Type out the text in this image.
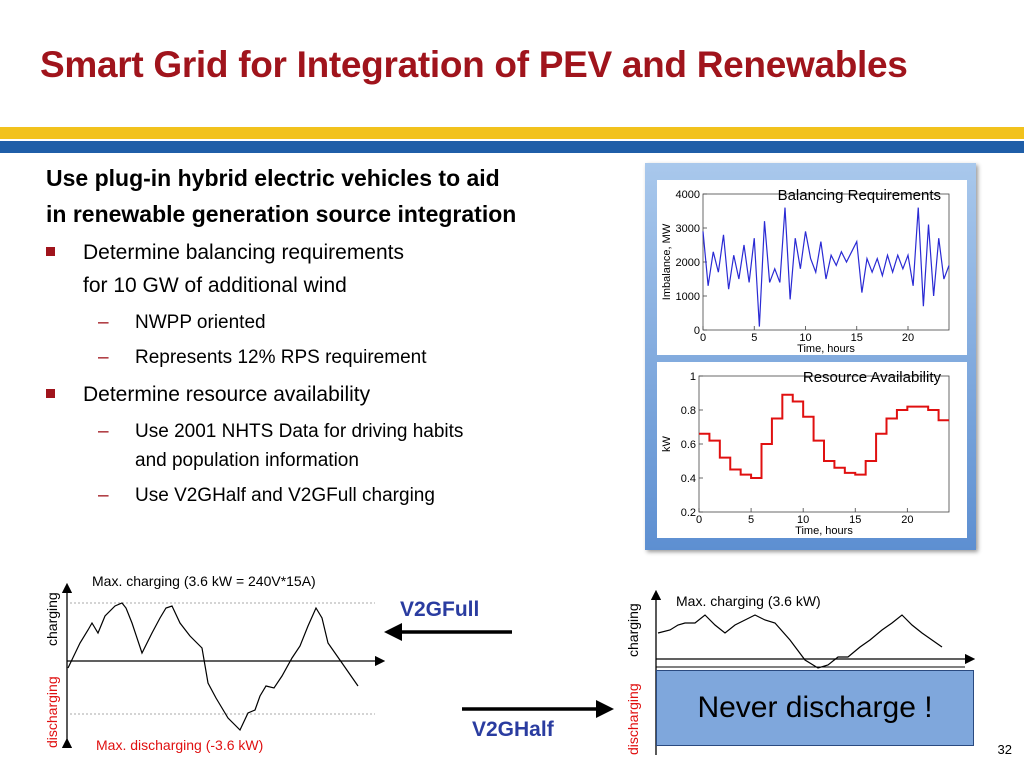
Smart Grid for Integration of PEV and Renewables
Use plug-in hybrid electric vehicles to aid
in renewable generation source integration
Determine balancing requirements
for 10 GW of additional wind
– NWPP oriented
– Represents 12% RPS requirement
Determine resource availability
– Use 2001 NHTS Data for driving habits
and population information
– Use V2GHalf and V2GFull charging
0	5	10	15	20
0
1000
2000
3000
4000
Time, hours
Imbalance, MW
Balancing Requirements
0	5	10	15	20
0.2
0.4
0.6
0.8
1
Time, hours
kW
Resource Availability
Max. charging (3.6 kW = 240V*15A)
Max. discharging (-3.6 kW)
charging
discharging
V2GFull
V2GHalf
Max. charging (3.6 kW)
charging
discharging Never discharge !
32
